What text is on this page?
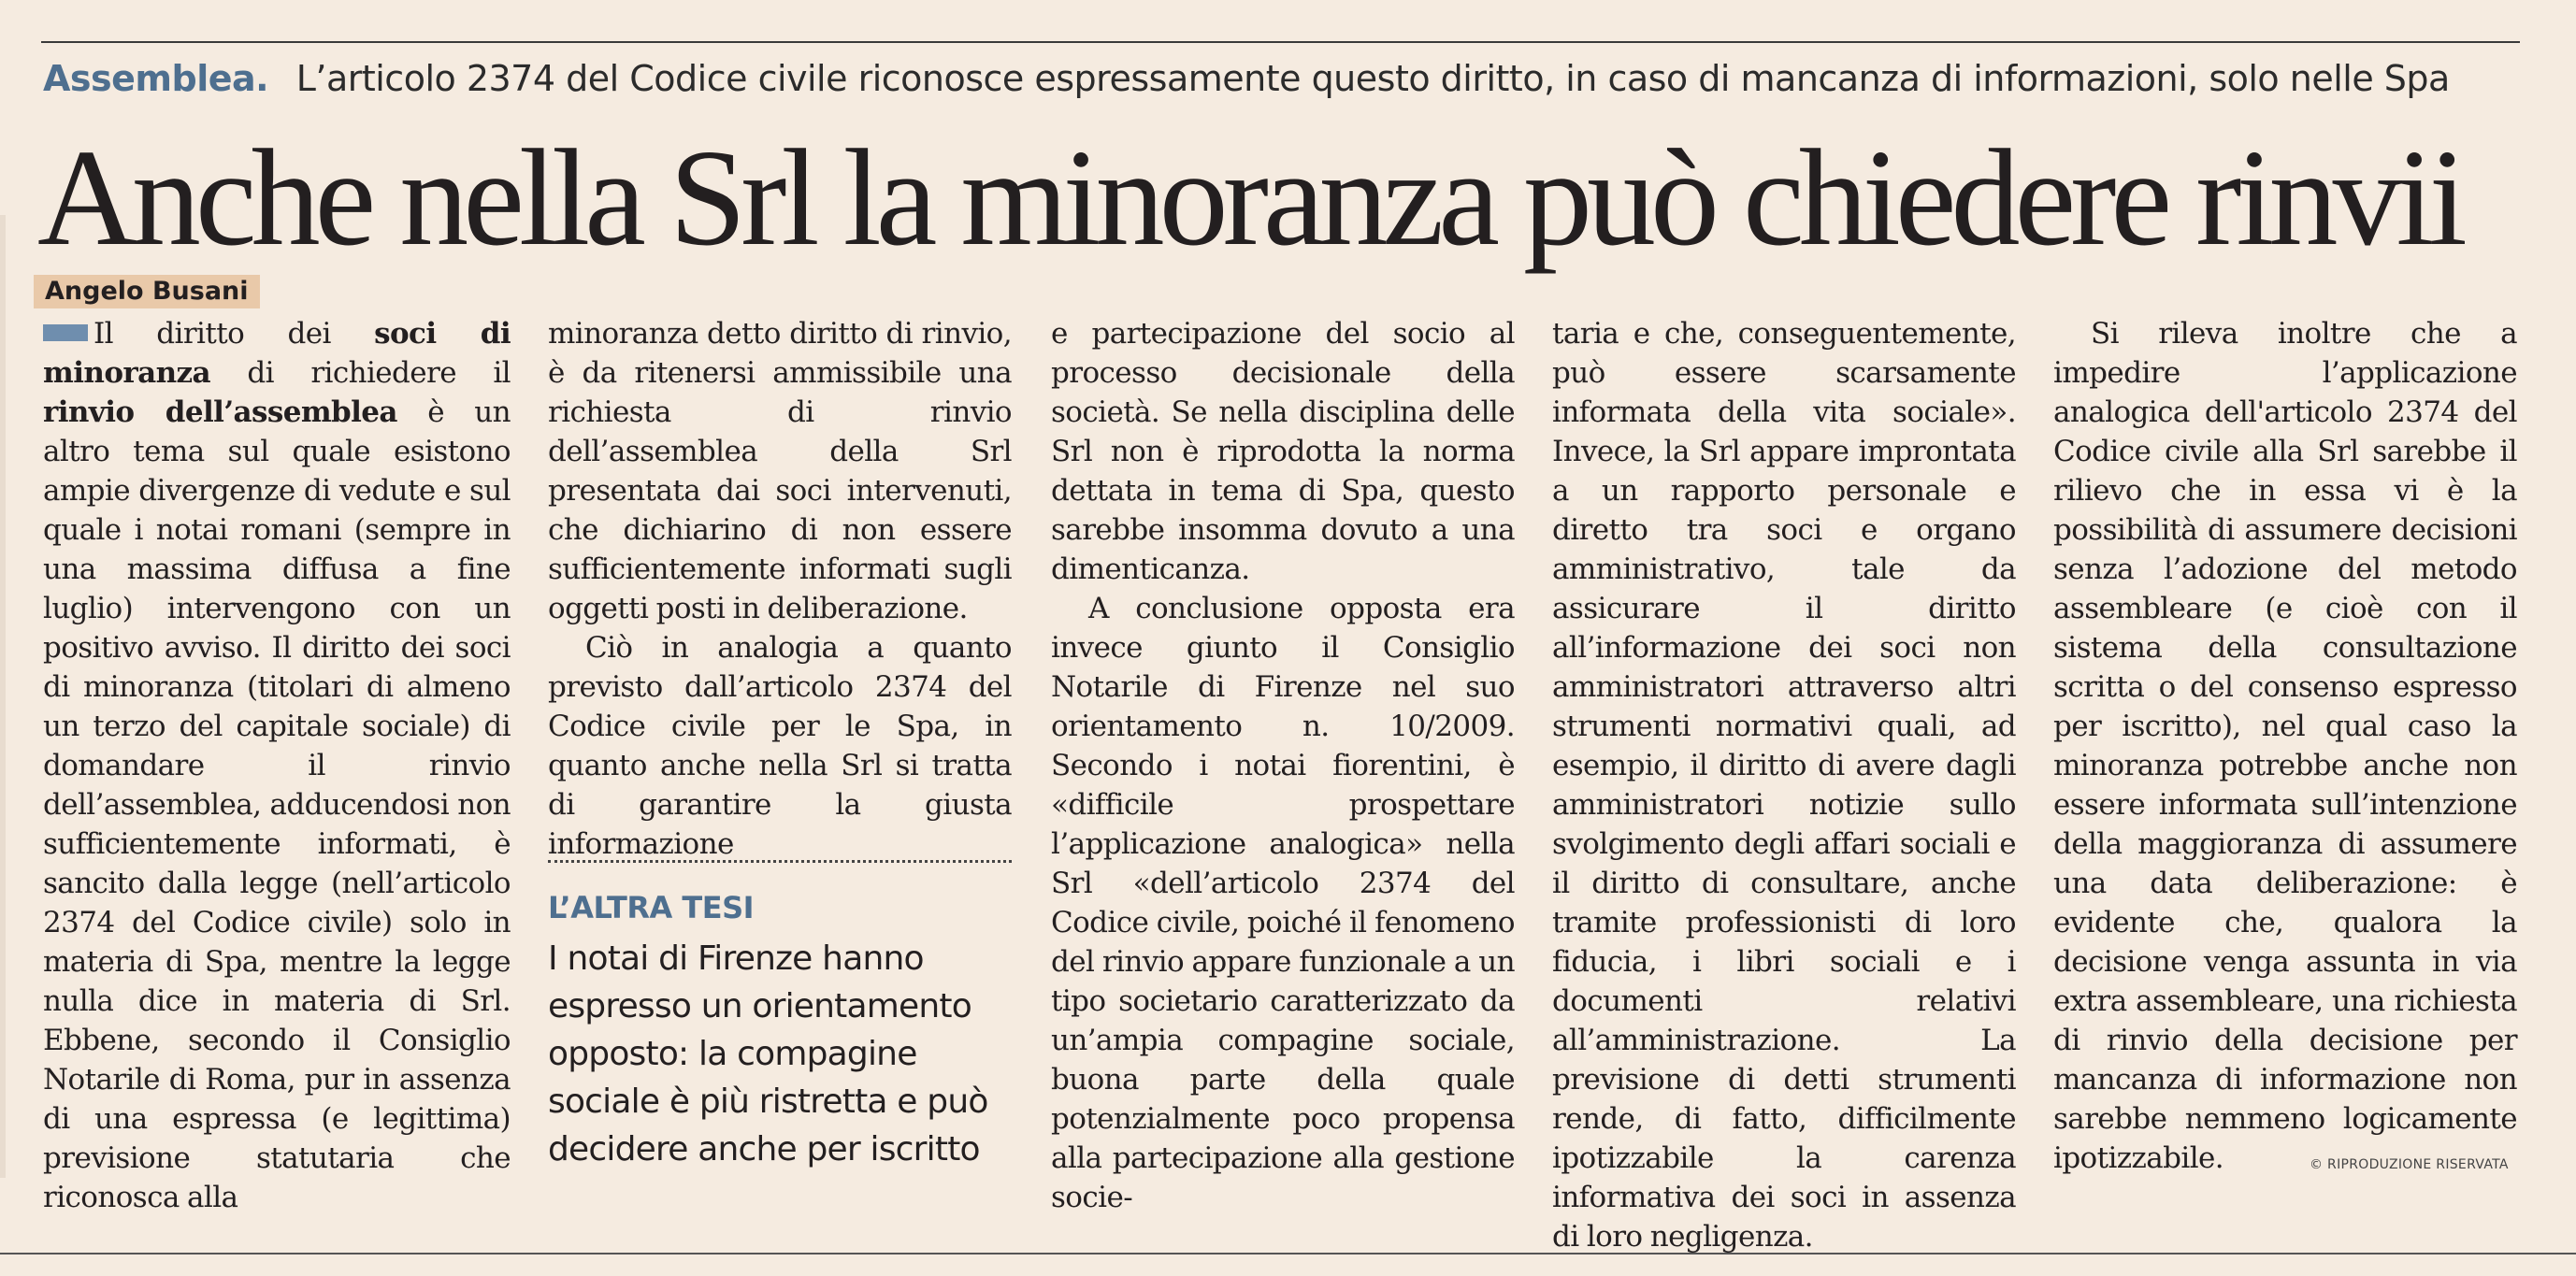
Assemblea. L’articolo 2374 del Codice civile riconosce espressamente questo diritto, in caso di mancanza di informazioni, solo nelle Spa
Anche nella Srl la minoranza può chiedere rinvii
Angelo Busani

Il diritto dei soci di minoranza di richiedere il rinvio dell’assemblea è un altro tema sul quale esistono ampie divergenze di vedute e sul quale i notai romani (sempre in una massima diffusa a fine luglio) intervengono con un positivo avviso. Il diritto dei soci di minoranza (titolari di almeno un terzo del capitale sociale) di domandare il rinvio dell’assemblea, adducendosi non sufficientemente informati, è sancito dalla legge (nell’articolo 2374 del Codice civile) solo in materia di Spa, mentre la legge nulla dice in materia di Srl. Ebbene, secondo il Consiglio Notarile di Roma, pur in assenza di una espressa (e legittima) previsione statutaria che riconosca alla

minoranza detto diritto di rinvio, è da ritenersi ammissibile una richiesta di rinvio dell’assemblea della Srl presentata dai soci intervenuti, che dichiarino di non essere sufficientemente informati sugli oggetti posti in deliberazione.

Ciò in analogia a quanto previsto dall’articolo 2374 del Codice civile per le Spa, in quanto anche nella Srl si tratta di garantire la giusta informazione

L’ALTRA TESI
I notai di Firenze hanno espresso un orientamento opposto: la compagine sociale è più ristretta e può decidere anche per iscritto

e partecipazione del socio al processo decisionale della società. Se nella disciplina delle Srl non è riprodotta la norma dettata in tema di Spa, questo sarebbe insomma dovuto a una dimenticanza.

A conclusione opposta era invece giunto il Consiglio Notarile di Firenze nel suo orientamento n. 10/2009. Secondo i notai fiorentini, è «difficile prospettare l’applicazione analogica» nella Srl «dell’articolo 2374 del Codice civile, poiché il fenomeno del rinvio appare funzionale a un tipo societario caratterizzato da un’ampia compagine sociale, buona parte della quale potenzialmente poco propensa alla partecipazione alla gestione socie-

taria e che, conseguentemente, può essere scarsamente informata della vita sociale». Invece, la Srl appare improntata a un rapporto personale e diretto tra soci e organo amministrativo, tale da assicurare il diritto all’informazione dei soci non amministratori attraverso altri strumenti normativi quali, ad esempio, il diritto di avere dagli amministratori notizie sullo svolgimento degli affari sociali e il diritto di consultare, anche tramite professionisti di loro fiducia, i libri sociali e i documenti relativi all’amministrazione. La previsione di detti strumenti rende, di fatto, difficilmente ipotizzabile la carenza informativa dei soci in assenza di loro negligenza.

Si rileva inoltre che a impedire l’applicazione analogica dell'articolo 2374 del Codice civile alla Srl sarebbe il rilievo che in essa vi è la possibilità di assumere decisioni senza l’adozione del metodo assembleare (e cioè con il sistema della consultazione scritta o del consenso espresso per iscritto), nel qual caso la minoranza potrebbe anche non essere informata sull’intenzione della maggioranza di assumere una data deliberazione: è evidente che, qualora la decisione venga assunta in via extra assembleare, una richiesta di rinvio della decisione per mancanza di informazione non sarebbe nemmeno logicamente ipotizzabile.	© RIPRODUZIONE RISERVATA
